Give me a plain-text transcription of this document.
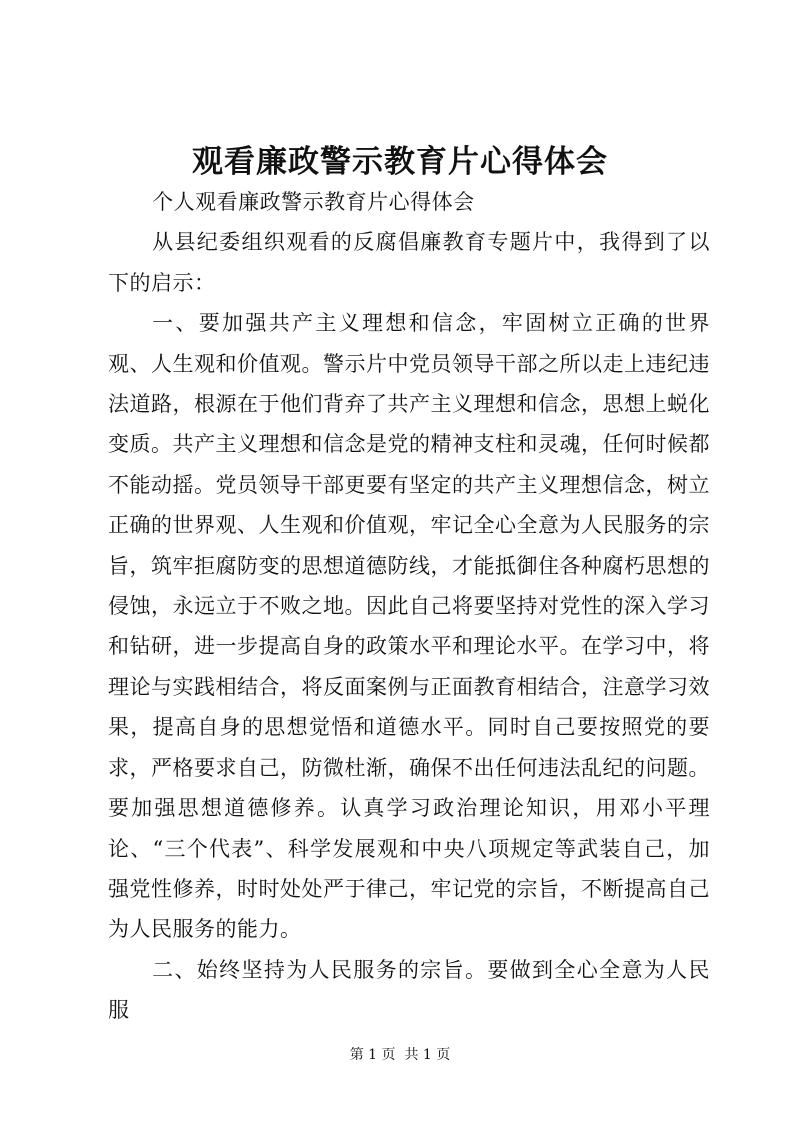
观看廉政警示教育片心得体会

个人观看廉政警示教育片心得体会

从县纪委组织观看的反腐倡廉教育专题片中，我得到了以下的启示：

一、要加强共产主义理想和信念，牢固树立正确的世界观、人生观和价值观。警示片中党员领导干部之所以走上违纪违法道路，根源在于他们背弃了共产主义理想和信念，思想上蜕化变质。共产主义理想和信念是党的精神支柱和灵魂，任何时候都不能动摇。党员领导干部更要有坚定的共产主义理想信念，树立正确的世界观、人生观和价值观，牢记全心全意为人民服务的宗旨，筑牢拒腐防变的思想道德防线，才能抵御住各种腐朽思想的侵蚀，永远立于不败之地。因此自己将要坚持对党性的深入学习和钻研，进一步提高自身的政策水平和理论水平。在学习中，将理论与实践相结合，将反面案例与正面教育相结合，注意学习效果，提高自身的思想觉悟和道德水平。同时自己要按照党的要求，严格要求自己，防微杜渐，确保不出任何违法乱纪的问题。要加强思想道德修养。认真学习政治理论知识，用邓小平理论、“三个代表”、科学发展观和中央八项规定等武装自己，加强党性修养，时时处处严于律己，牢记党的宗旨，不断提高自己为人民服务的能力。

二、始终坚持为人民服务的宗旨。要做到全心全意为人民服

第 1 页  共 1 页
